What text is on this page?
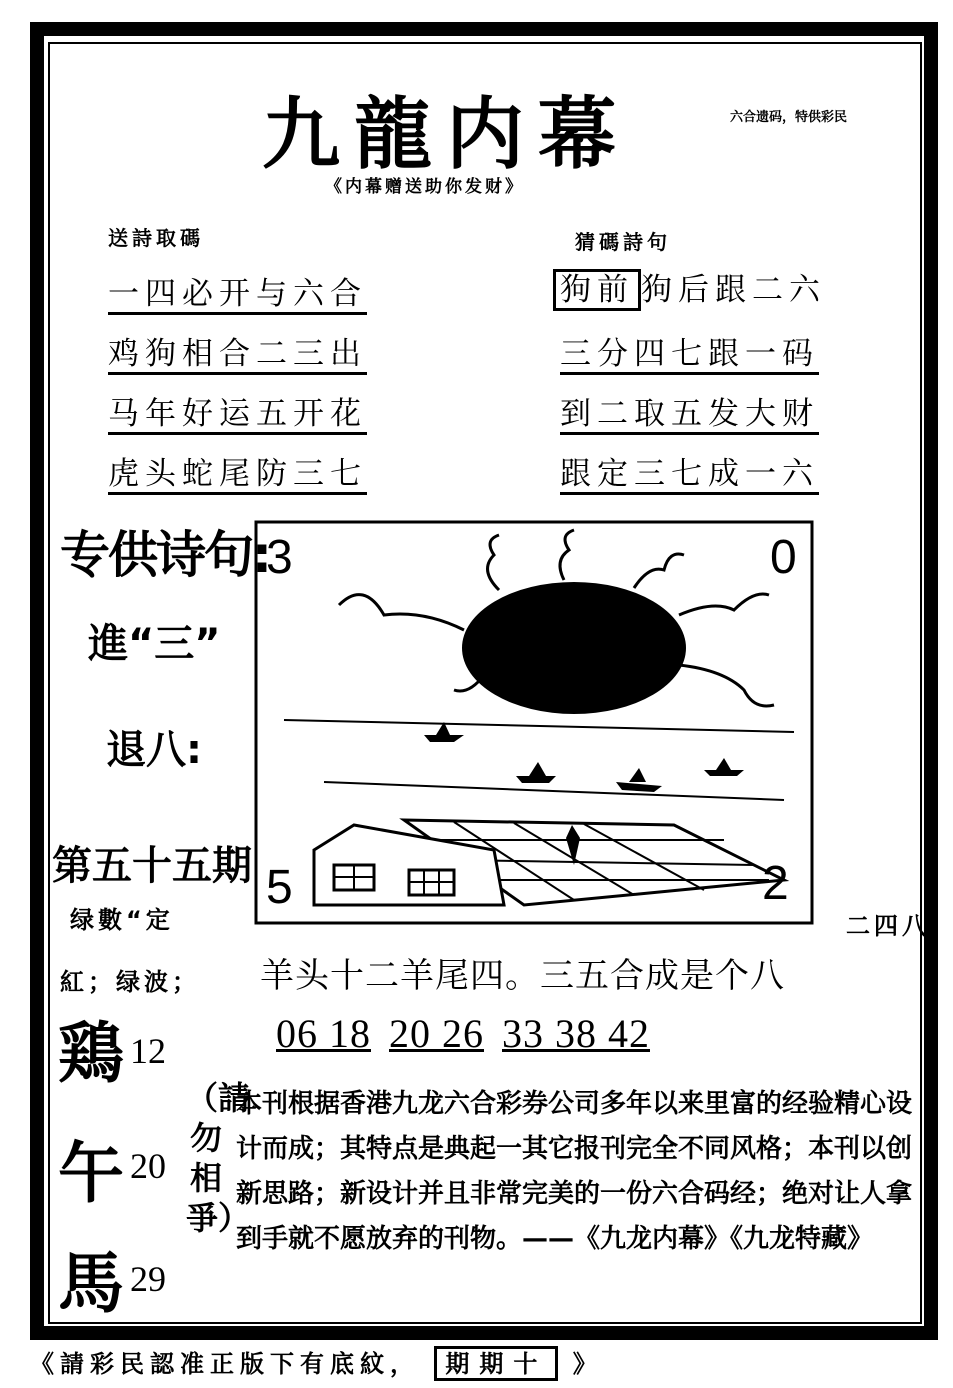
九龍内幕	六合遗码，特供彩民
《内幕赠送助你发财》
送詩取碼
一四必开与六合
鸡狗相合二三出
马年好运五开花
虎头蛇尾防三七
猜碼詩句
狗前 狗后跟二六
三分四七跟一码
到二取五发大财
跟定三七成一六
专供诗句:
進“三”
退八:
第五十五期
绿數“定
紅；绿波；
二四八
3	0
5	2
羊头十二羊尾四。三五合成是个八
06 18 20 26 33 38 42
鶏 12
午 20
馬 29
（請勿相爭）
本刊根据香港九龙六合彩券公司多年以来里富的经验精心设计而成；其特点是典起一其它报刊完全不同风格；本刊以创新思路；新设计并且非常完美的一份六合码经；绝对让人拿到手就不愿放弃的刊物。——《九龙内幕》《九龙特藏》
《請彩民認准正版下有底紋， 期期十 》
